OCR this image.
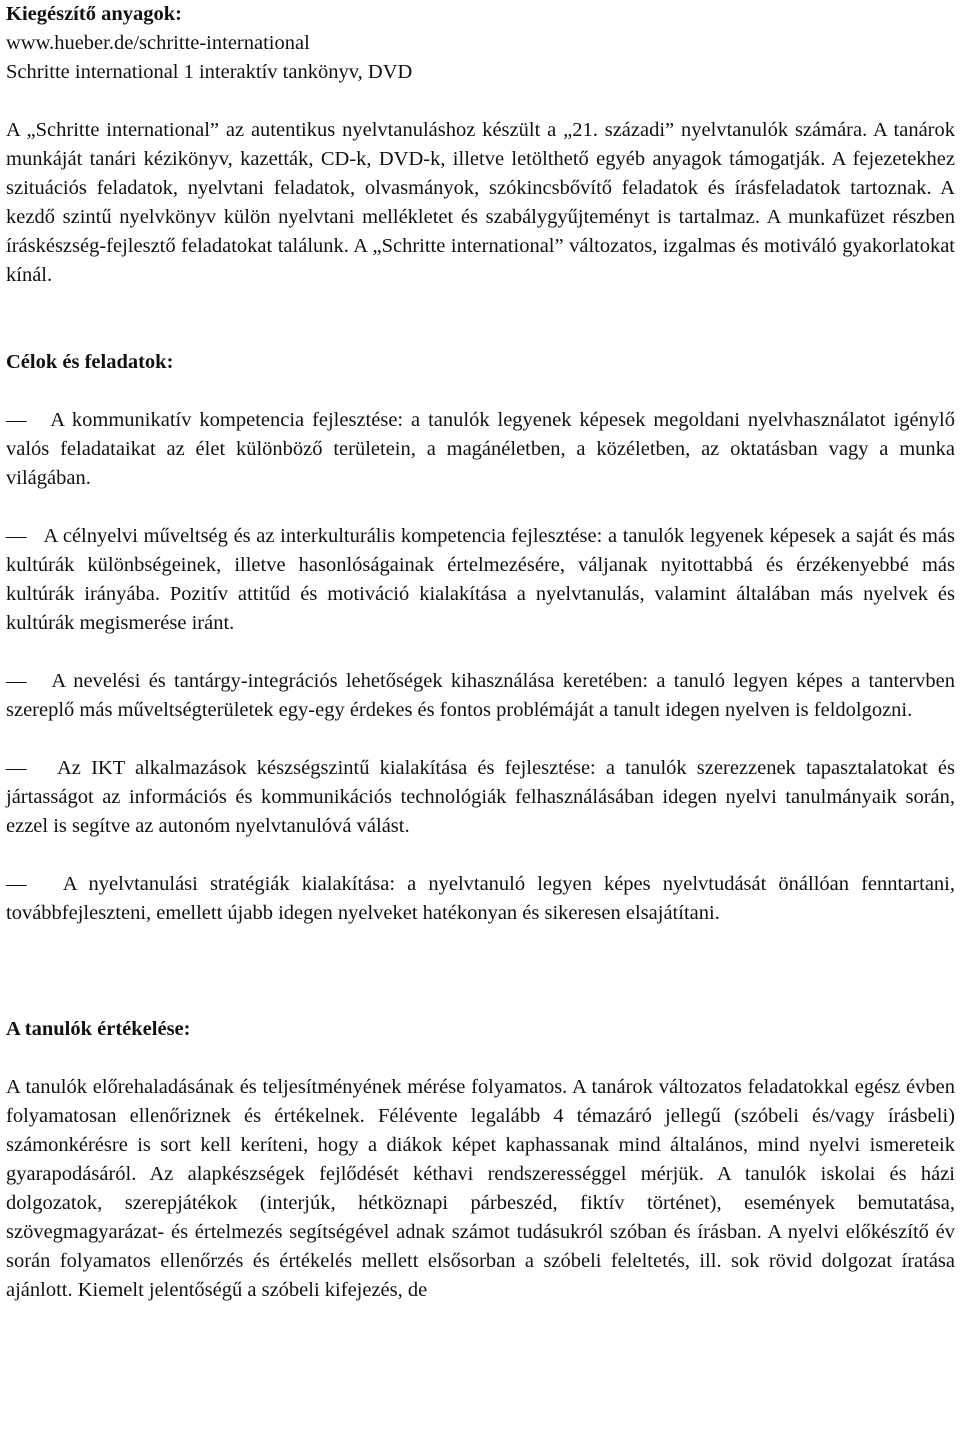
Kiegészítő anyagok:

www.hueber.de/schritte-international

Schritte international 1 interaktív tankönyv, DVD

A „Schritte international” az autentikus nyelvtanuláshoz készült a „21. századi” nyelvtanulók számára. A tanárok munkáját tanári kézikönyv, kazetták, CD-k, DVD-k, illetve letölthető egyéb anyagok támogatják. A fejezetekhez szituációs feladatok, nyelvtani feladatok, olvasmányok, szókincsbővítő feladatok és írásfeladatok tartoznak. A kezdő szintű nyelvkönyv külön nyelvtani mellékletet és szabálygyűjteményt is tartalmaz. A munkafüzet részben íráskészség-fejlesztő feladatokat találunk. A „Schritte international” változatos, izgalmas és motiváló gyakorlatokat kínál.

Célok és feladatok:

— A kommunikatív kompetencia fejlesztése: a tanulók legyenek képesek megoldani nyelvhasználatot igénylő valós feladataikat az élet különböző területein, a magánéletben, a közéletben, az oktatásban vagy a munka világában.

— A célnyelvi műveltség és az interkulturális kompetencia fejlesztése: a tanulók legyenek képesek a saját és más kultúrák különbségeinek, illetve hasonlóságainak értelmezésére, váljanak nyitottabbá és érzékenyebbé más kultúrák irányába. Pozitív attitűd és motiváció kialakítása a nyelvtanulás, valamint általában más nyelvek és kultúrák megismerése iránt.

— A nevelési és tantárgy-integrációs lehetőségek kihasználása keretében: a tanuló legyen képes a tantervben szereplő más műveltségterületek egy-egy érdekes és fontos problémáját a tanult idegen nyelven is feldolgozni.

— Az IKT alkalmazások készségszintű kialakítása és fejlesztése: a tanulók szerezzenek tapasztalatokat és jártasságot az információs és kommunikációs technológiák felhasználásában idegen nyelvi tanulmányaik során, ezzel is segítve az autonóm nyelvtanulóvá válást.

— A nyelvtanulási stratégiák kialakítása: a nyelvtanuló legyen képes nyelvtudását önállóan fenntartani, továbbfejleszteni, emellett újabb idegen nyelveket hatékonyan és sikeresen elsajátítani.

A tanulók értékelése:

A tanulók előrehaladásának és teljesítményének mérése folyamatos. A tanárok változatos feladatokkal egész évben folyamatosan ellenőriznek és értékelnek. Félévente legalább 4 témazáró jellegű (szóbeli és/vagy írásbeli) számonkérésre is sort kell keríteni, hogy a diákok képet kaphassanak mind általános, mind nyelvi ismereteik gyarapodásáról. Az alapkészségek fejlődését kéthavi rendszerességgel mérjük. A tanulók iskolai és házi dolgozatok, szerepjátékok (interjúk, hétköznapi párbeszéd, fiktív történet), események bemutatása, szövegmagyarázat- és értelmezés segítségével adnak számot tudásukról szóban és írásban. A nyelvi előkészítő év során folyamatos ellenőrzés és értékelés mellett elsősorban a szóbeli feleltetés, ill. sok rövid dolgozat íratása ajánlott. Kiemelt jelentőségű a szóbeli kifejezés, de
